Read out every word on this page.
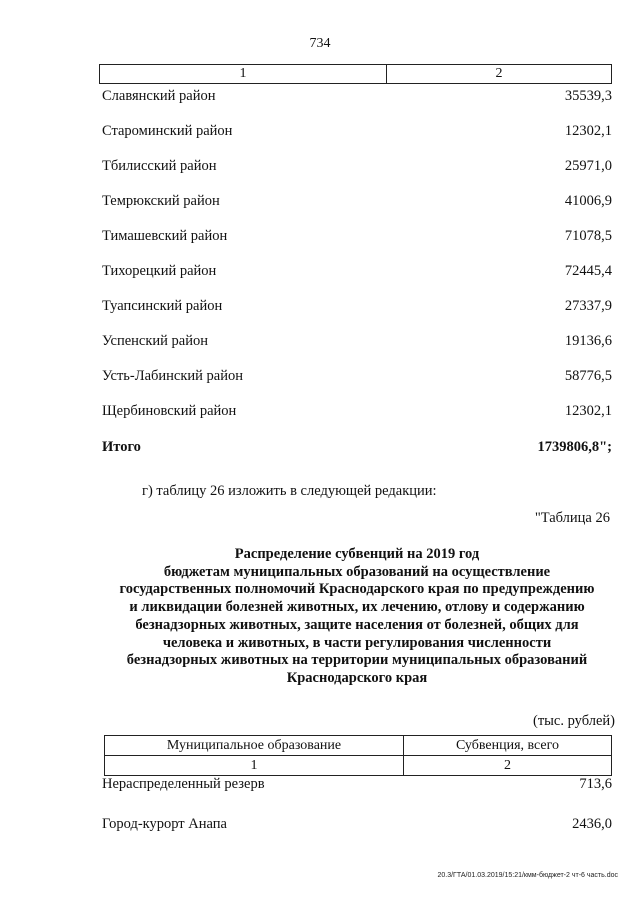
734
1	2
Славянский район	35539,3
Староминский район	12302,1
Тбилисский район	25971,0
Темрюкский район	41006,9
Тимашевский район	71078,5
Тихорецкий район	72445,4
Туапсинский район	27337,9
Успенский район	19136,6
Усть-Лабинский район	58776,5
Щербиновский район	12302,1
Итого	1739806,8";
г) таблицу 26 изложить в следующей редакции:
"Таблица 26
Распределение субвенций на 2019 год
бюджетам муниципальных образований на осуществление
государственных полномочий Краснодарского края по предупреждению
и ликвидации болезней животных, их лечению, отлову и содержанию
безнадзорных животных, защите населения от болезней, общих для
человека и животных, в части регулирования численности
безнадзорных животных на территории муниципальных образований
Краснодарского края
(тыс. рублей)
Муниципальное образование	Субвенция, всего
1	2
Нераспределенный резерв	713,6
Город-курорт Анапа	2436,0
20.3/ГТА/01.03.2019/15:21/кмм-бюджет-2 чт-6 часть.doc
